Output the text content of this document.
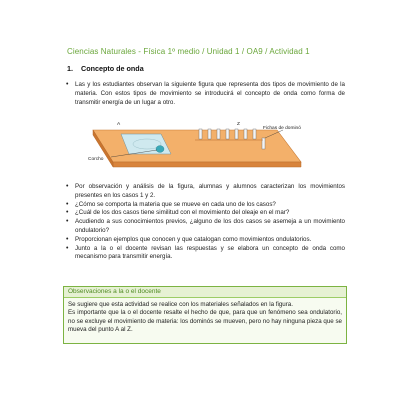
Ciencias Naturales - Física 1º medio / Unidad 1 / OA9 / Actividad 1
1. Concepto de onda
• Las y los estudiantes observan la siguiente figura que representa dos tipos de movimiento de la materia. Con estos tipos de movimiento se introducirá el concepto de onda como forma de transmitir energía de un lugar a otro.
Fichas de dominó
Corcho
Z
A
• Por observación y análisis de la figura, alumnas y alumnos caracterizan los movimientos presentes en los casos 1 y 2.
• ¿Cómo se comporta la materia que se mueve en cada uno de los casos?
• ¿Cuál de los dos casos tiene similitud con el movimiento del oleaje en el mar?
• Acudiendo a sus conocimientos previos, ¿alguno de los dos casos se asemeja a un movimiento ondulatorio?
• Proporcionan ejemplos que conocen y que catalogan como movimientos ondulatorios.
• Junto a la o el docente revisan las respuestas y se elabora un concepto de onda como mecanismo para transmitir energía.
Observaciones a la o el docente

Se sugiere que esta actividad se realice con los materiales señalados en la figura.

Es importante que la o el docente resalte el hecho de que, para que un fenómeno sea ondulatorio, no se excluye el movimiento de materia: los dominós se mueven, pero no hay ninguna pieza que se mueva del punto A al Z.
